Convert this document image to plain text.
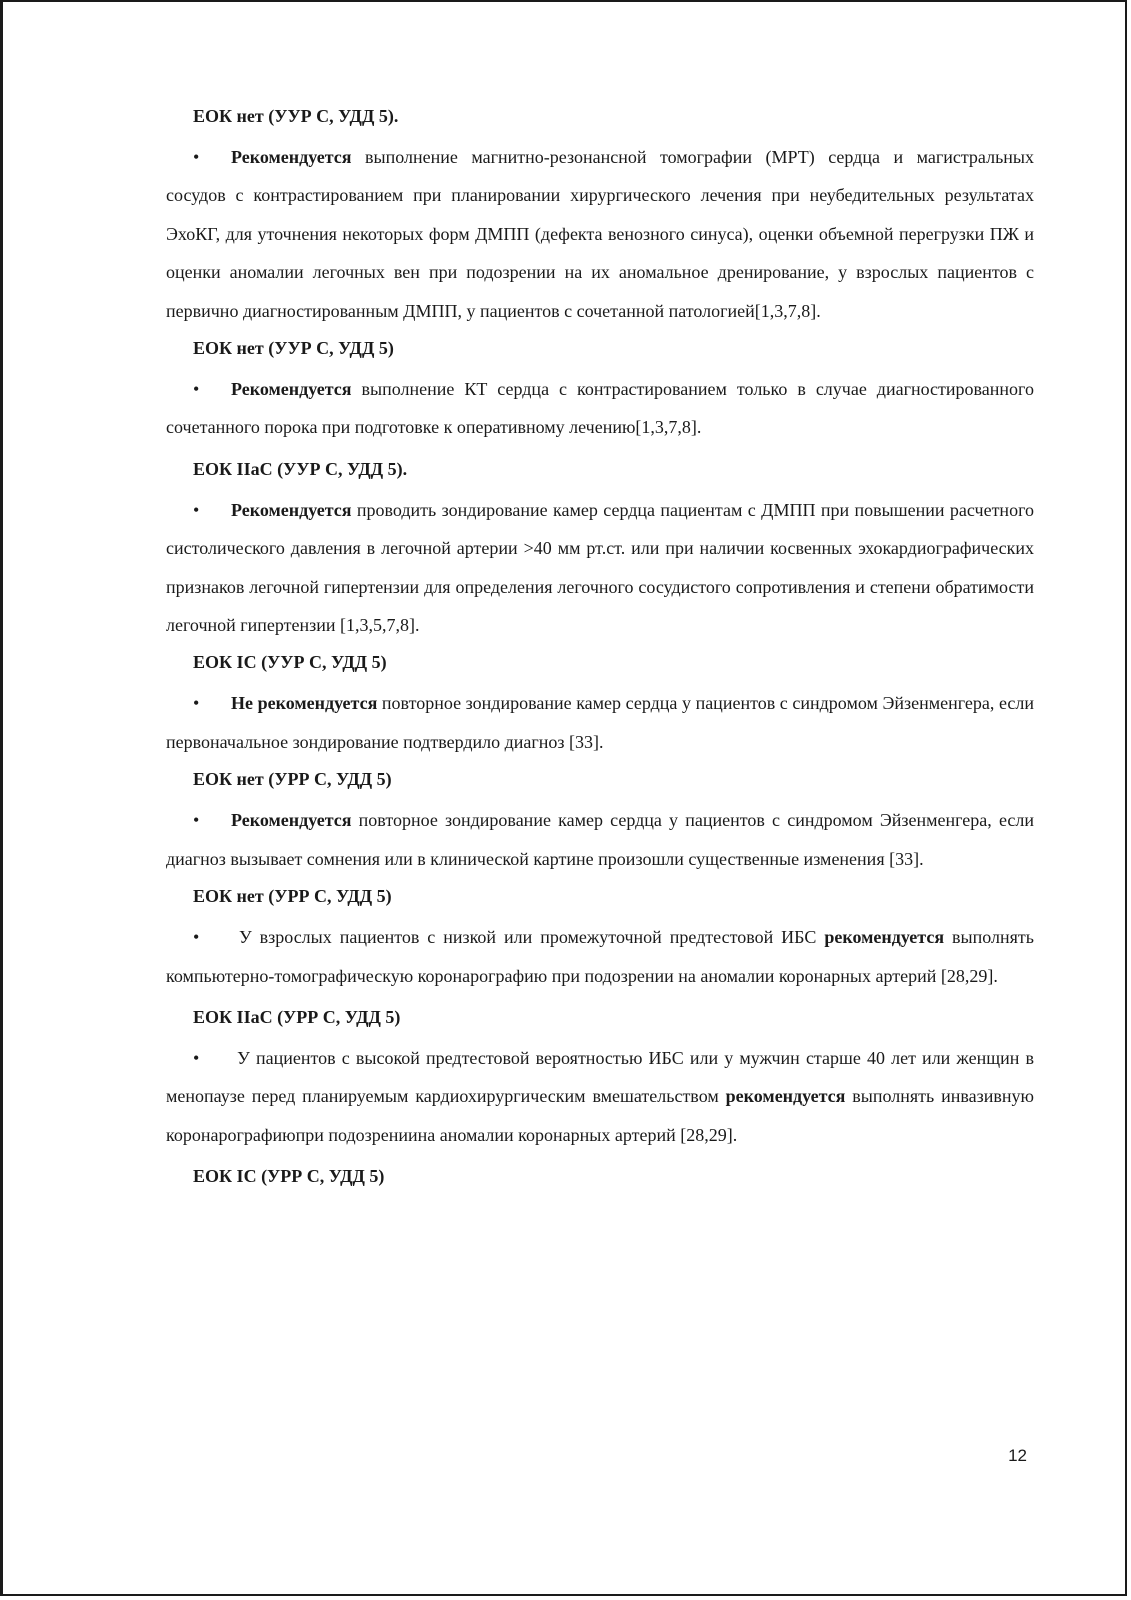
ЕОК нет (УУР С, УДД 5).

• Рекомендуется выполнение магнитно-резонансной томографии (МРТ) сердца и магистральных сосудов с контрастированием при планировании хирургического лечения при неубедительных результатах ЭхоКГ, для уточнения некоторых форм ДМПП (дефекта венозного синуса), оценки объемной перегрузки ПЖ и оценки аномалии легочных вен при подозрении на их аномальное дренирование, у взрослых пациентов с первично диагностированным ДМПП, у пациентов с сочетанной патологией[1,3,7,8].

ЕОК нет (УУР С, УДД 5)

• Рекомендуется выполнение КТ сердца с контрастированием только в случае диагностированного сочетанного порока при подготовке к оперативному лечению[1,3,7,8].

ЕОК IIaC (УУР С, УДД 5).

• Рекомендуется проводить зондирование камер сердца пациентам с ДМПП при повышении расчетного систолического давления в легочной артерии >40 мм рт.ст. или при наличии косвенных эхокардиографических признаков легочной гипертензии для определения легочного сосудистого сопротивления и степени обратимости легочной гипертензии [1,3,5,7,8].

ЕОК IC (УУР С, УДД 5)

• Не рекомендуется повторное зондирование камер сердца у пациентов с синдромом Эйзенменгера, если первоначальное зондирование подтвердило диагноз [33].

ЕОК нет (УРР С, УДД 5)

• Рекомендуется повторное зондирование камер сердца у пациентов с синдромом Эйзенменгера, если диагноз вызывает сомнения или в клинической картине произошли существенные изменения [33].

ЕОК нет (УРР С, УДД 5)

• У взрослых пациентов с низкой или промежуточной предтестовой ИБС рекомендуется выполнять компьютерно-томографическую коронарографию при подозрении на аномалии коронарных артерий [28,29].

ЕОК IIaC (УРР С, УДД 5)

• У пациентов с высокой предтестовой вероятностью ИБС или у мужчин старше 40 лет или женщин в менопаузе перед планируемым кардиохирургическим вмешательством рекомендуется выполнять инвазивную коронарографиюпри подозрениина аномалии коронарных артерий [28,29].

ЕОК IC (УРР С, УДД 5)
12
